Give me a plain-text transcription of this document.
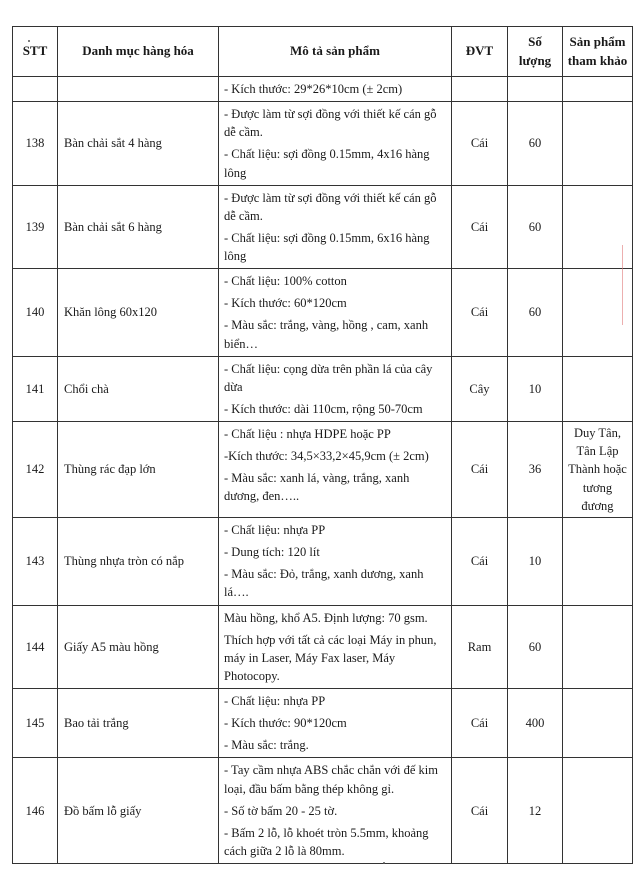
STT	Danh mục hàng hóa	Mô tả sản phẩm	ĐVT	Số lượng	Sản phẩm tham khảo

		- Kích thước: 29*26*10cm (± 2cm)			

138	Bàn chải sắt 4 hàng	- Được làm từ sợi đồng với thiết kế cán gỗ dễ cầm.

- Chất liệu: sợi đồng 0.15mm, 4x16 hàng lông	Cái	60	
139	Bàn chải sắt 6 hàng	- Được làm từ sợi đồng với thiết kế cán gỗ dễ cầm.

- Chất liệu: sợi đồng 0.15mm, 6x16 hàng lông	Cái	60	
140	Khăn lông 60x120	- Chất liệu: 100% cotton

- Kích thước: 60*120cm

- Màu sắc: trắng, vàng, hồng , cam, xanh biển…	Cái	60	
141	Chổi chà	- Chất liệu: cọng dừa trên phần lá của cây dừa

- Kích thước: dài 110cm, rộng 50-70cm	Cây	10	
142	Thùng rác đạp lớn	- Chất liệu : nhựa HDPE hoặc PP

-Kích thước: 34,5×33,2×45,9cm (± 2cm)

- Màu sắc: xanh lá, vàng, trắng, xanh dương, đen…..	Cái	36	Duy Tân, Tân Lập Thành hoặc tương đương
143	Thùng nhựa tròn có nắp	- Chất liệu: nhựa PP

- Dung tích: 120 lít

- Màu sắc: Đỏ, trắng, xanh dương, xanh lá….	Cái	10	
144	Giấy A5 màu hồng	Màu hồng, khổ A5. Định lượng: 70 gsm.

Thích hợp với tất cả các loại Máy in phun, máy in Laser, Máy Fax laser, Máy Photocopy.	Ram	60	
145	Bao tải trắng	- Chất liệu: nhựa PP

- Kích thước: 90*120cm

- Màu sắc: trắng.	Cái	400	
146	Đồ bấm lỗ giấy	- Tay cầm nhựa ABS chắc chắn với đế kim loại, đầu bấm bằng thép không gỉ.

- Số tờ bấm 20 - 25 tờ.

- Bấm 2 lỗ, lỗ khoét tròn 5.5mm, khoảng cách giữa 2 lỗ là 80mm.	Cái	12	
